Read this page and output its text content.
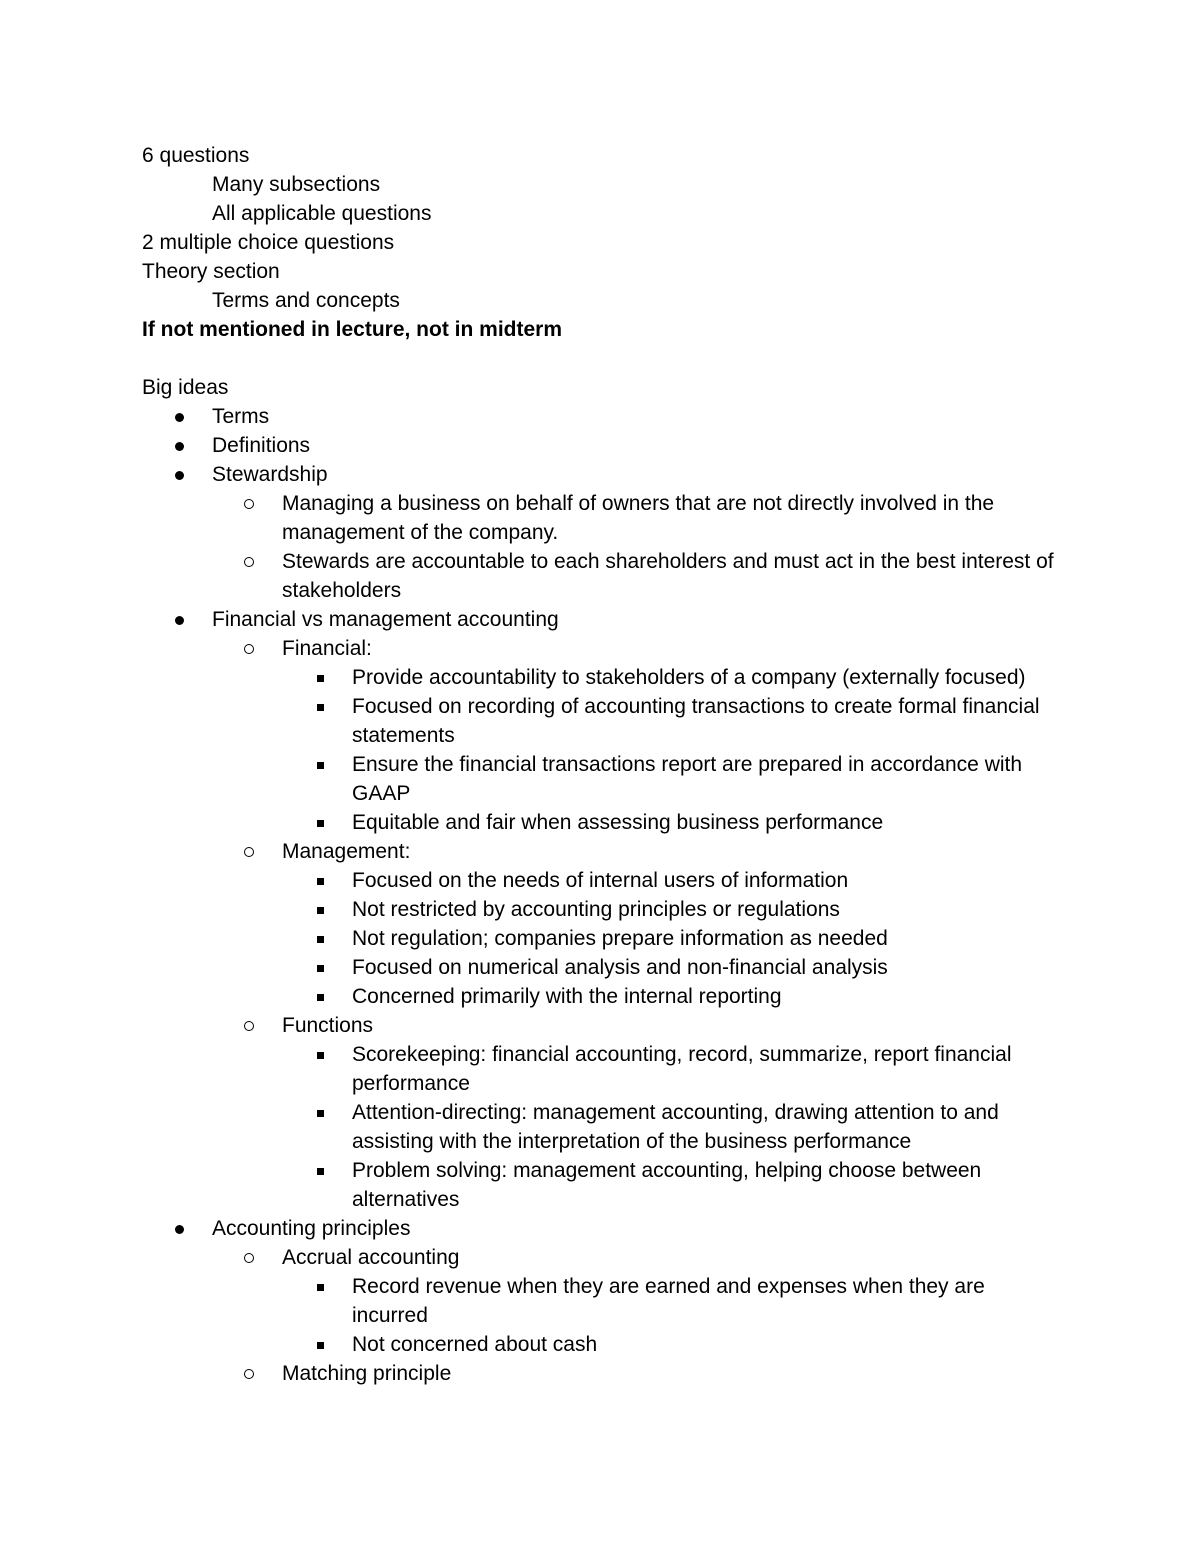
6 questions
Many subsections
All applicable questions
2 multiple choice questions
Theory section
Terms and concepts
If not mentioned in lecture, not in midterm
Big ideas
Terms
Definitions
Stewardship
Managing a business on behalf of owners that are not directly involved in the management of the company.
Stewards are accountable to each shareholders and must act in the best interest of stakeholders
Financial vs management accounting
Financial:
Provide accountability to stakeholders of a company (externally focused)
Focused on recording of accounting transactions to create formal financial statements
Ensure the financial transactions report are prepared in accordance with GAAP
Equitable and fair when assessing business performance
Management:
Focused on the needs of internal users of information
Not restricted by accounting principles or regulations
Not regulation; companies prepare information as needed
Focused on numerical analysis and non-financial analysis
Concerned primarily with the internal reporting
Functions
Scorekeeping: financial accounting, record, summarize, report financial performance
Attention-directing: management accounting, drawing attention to and assisting with the interpretation of the business performance
Problem solving: management accounting, helping choose between alternatives
Accounting principles
Accrual accounting
Record revenue when they are earned and expenses when they are incurred
Not concerned about cash
Matching principle
